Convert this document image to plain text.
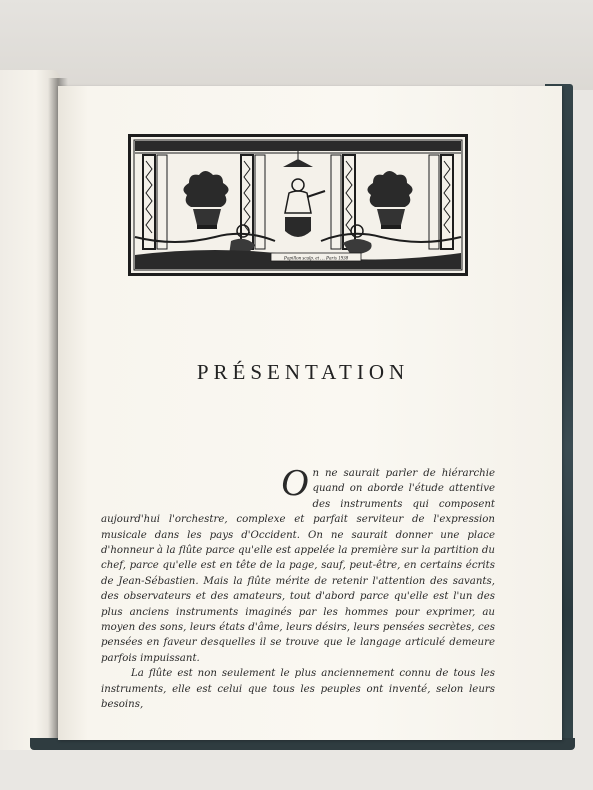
Papillon sculp. et … Paris 1938
PRÉSENTATION

On ne saurait parler de hiérarchie quand on aborde l'étude attentive des instruments qui composent aujourd'hui l'orchestre, complexe et parfait serviteur de l'expression musicale dans les pays d'Occident. On ne saurait donner une place d'honneur à la flûte parce qu'elle est appelée la première sur la partition du chef, parce qu'elle est en tête de la page, sauf, peut-être, en certains écrits de Jean-Sébastien. Mais la flûte mérite de retenir l'attention des savants, des observateurs et des amateurs, tout d'abord parce qu'elle est l'un des plus anciens instruments imaginés par les hommes pour exprimer, au moyen des sons, leurs états d'âme, leurs désirs, leurs pensées secrètes, ces pensées en faveur desquelles il se trouve que le langage articulé demeure parfois impuissant.

La flûte est non seulement le plus anciennement connu de tous les instruments, elle est celui que tous les peuples ont inventé, selon leurs besoins,
